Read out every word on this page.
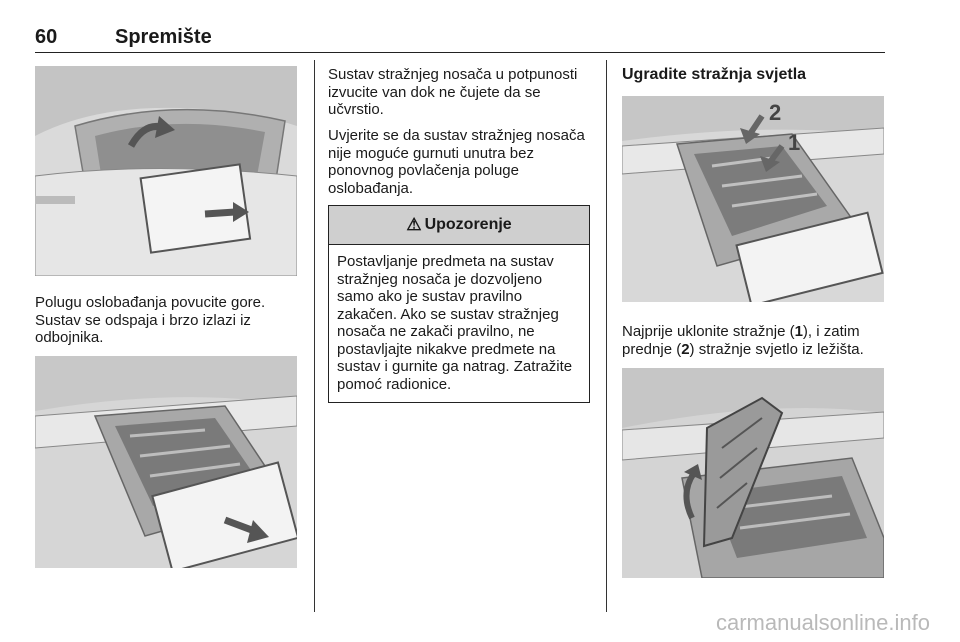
60	Spremište

Polugu oslobađanja povucite gore. Sustav se odspaja i brzo izlazi iz odbojnika.

Sustav stražnjeg nosača u potpunosti izvucite van dok ne čujete da se učvrstio.

Uvjerite se da sustav stražnjeg nosača nije moguće gurnuti unutra bez ponovnog povlačenja poluge oslobađanja.

⚠ Upozorenje

Postavljanje predmeta na sustav stražnjeg nosača je dozvoljeno samo ako je sustav pravilno zakačen. Ako se sustav stražnjeg nosača ne zakači pravilno, ne postavljajte nikakve predmete na sustav i gurnite ga natrag. Zatražite pomoć radionice.

Ugradite stražnja svjetla
2
1

Najprije uklonite stražnje (1), i zatim prednje (2) stražnje svjetlo iz ležišta.

carmanualsonline.info
